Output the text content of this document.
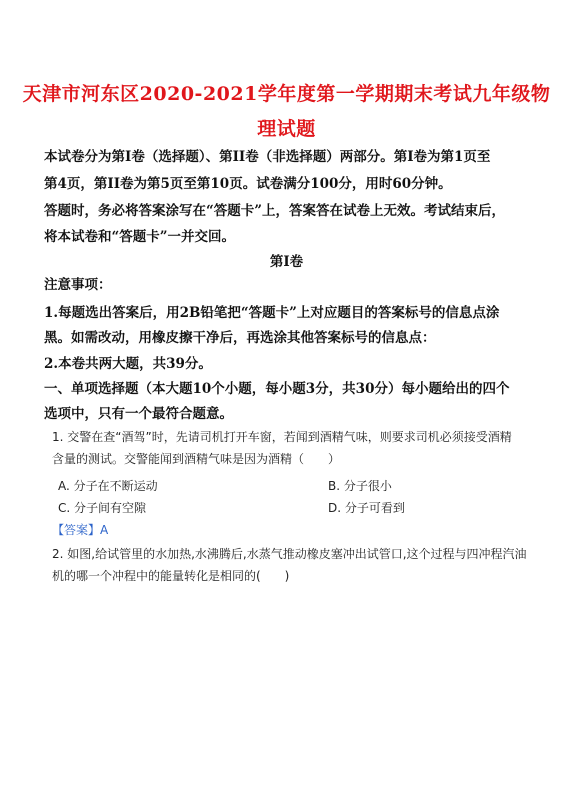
天津市河东区2020-2021学年度第一学期期末考试九年级物
理试题
本试卷分为第Ⅰ卷（选择题）、第II卷（非选择题）两部分。第Ⅰ卷为第1页至
第4页，第II卷为第5页至第10页。试卷满分100分，用时60分钟。
答题时，务必将答案涂写在“答题卡”上，答案答在试卷上无效。考试结束后，
将本试卷和“答题卡”一并交回。
第Ⅰ卷
注意事项：
1.每题选出答案后，用2B铅笔把“答题卡”上对应题目的答案标号的信息点涂
黑。如需改动，用橡皮擦干净后，再选涂其他答案标号的信息点：
2.本卷共两大题，共39分。
一、单项选择题（本大题10个小题，每小题3分，共30分）每小题给出的四个
选项中，只有一个最符合题意。
1. 交警在查“酒驾”时，先请司机打开车窗，若闻到酒精气味，则要求司机必须接受酒精
含量的测试。交警能闻到酒精气味是因为酒精（　　）
A. 分子在不断运动	B. 分子很小
C. 分子间有空隙	D. 分子可看到
【答案】A
2. 如图,给试管里的水加热,水沸腾后,水蒸气推动橡皮塞冲出试管口,这个过程与四冲程汽油
机的哪一个冲程中的能量转化是相同的(　　)
